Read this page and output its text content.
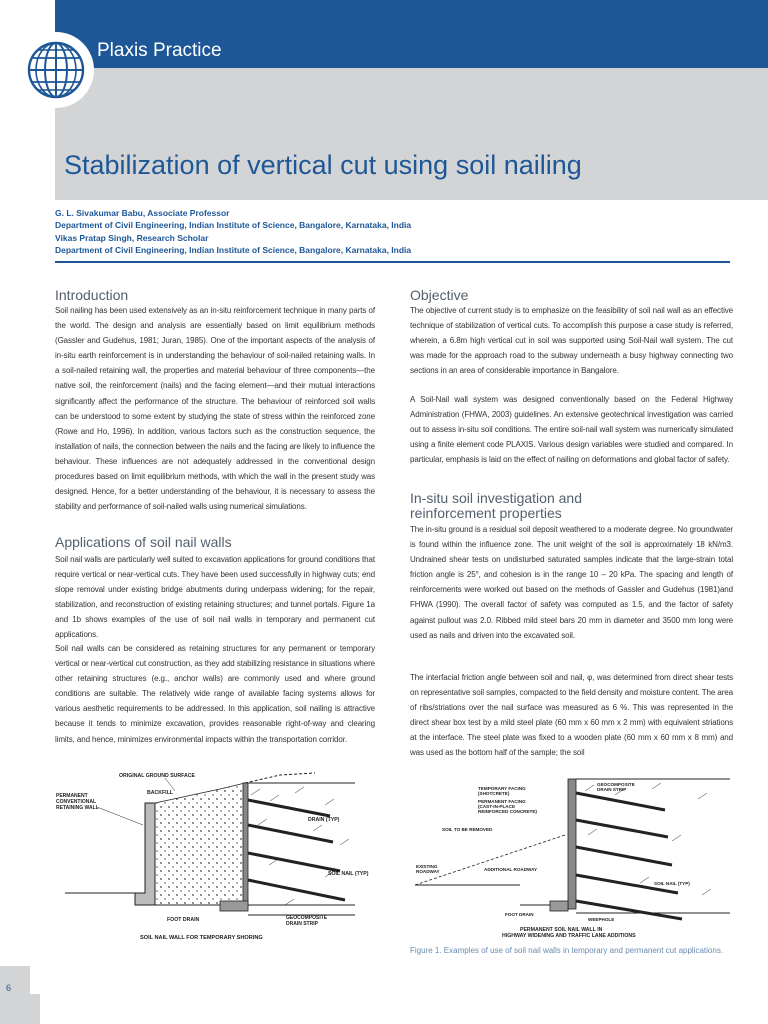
Plaxis Practice
Stabilization of vertical cut using soil nailing
G. L. Sivakumar Babu, Associate Professor
Department of Civil Engineering, Indian Institute of Science, Bangalore, Karnataka, India
Vikas Pratap Singh, Research Scholar
Department of Civil Engineering, Indian Institute of Science, Bangalore, Karnataka, India
Introduction
Soil nailing has been used extensively as an in-situ reinforcement technique in many parts of the world. The design and analysis are essentially based on limit equilibrium methods (Gassler and Gudehus, 1981; Juran, 1985). One of the important aspects of the analysis of in-situ earth reinforcement is in understanding the behaviour of soil-nailed retaining walls. In a soil-nailed retaining wall, the properties and material behaviour of three components—the native soil, the reinforcement (nails) and the facing element—and their mutual interactions significantly affect the performance of the structure. The behaviour of reinforced soil walls can be understood to some extent by studying the state of stress within the reinforced zone (Rowe and Ho, 1996). In addition, various factors such as the construction sequence, the installation of nails, the connection between the nails and the facing are likely to influence the behaviour. These influences are not adequately addressed in the conventional design procedures based on limit equilibrium methods, with which the wall in the present study was designed. Hence, for a better understanding of the behaviour, it is necessary to assess the stability and performance of soil-nailed walls using numerical simulations.
Applications of soil nail walls
Soil nail walls are particularly well suited to excavation applications for ground conditions that require vertical or near-vertical cuts. They have been used successfully in highway cuts; end slope removal under existing bridge abutments during underpass widening; for the repair, stabilization, and reconstruction of existing retaining structures; and tunnel portals. Figure 1a and 1b shows examples of the use of soil nail walls in temporary and permanent cut applications.
Soil nail walls can be considered as retaining structures for any permanent or temporary vertical or near-vertical cut construction, as they add stabilizing resistance in situations where other retaining structures (e.g., anchor walls) are commonly used and where ground conditions are suitable. The relatively wide range of available facing systems allows for various aesthetic requirements to be addressed. In this application, soil nailing is attractive because it tends to minimize excavation, provides reasonable right-of-way and clearing limits, and hence, minimizes environmental impacts within the transportation corridor.
Objective
The objective of current study is to emphasize on the feasibility of soil nail wall as an effective technique of stabilization of vertical cuts. To accomplish this purpose a case study is referred, wherein, a 6.8m high vertical cut in soil was supported using Soil-Nail wall system. The cut was made for the approach road to the subway underneath a busy highway connecting two sections in an area of considerable importance in Bangalore.
A Soil-Nail wall system was designed conventionally based on the Federal Highway Administration (FHWA, 2003) guidelines. An extensive geotechnical investigation was carried out to assess in-situ soil conditions. The entire soil-nail wall system was numerically simulated using a finite element code PLAXIS. Various design variables were studied and compared. In particular, emphasis is laid on the effect of nailing on deformations and global factor of safety.
In-situ soil investigation and
reinforcement properties
The in-situ ground is a residual soil deposit weathered to a moderate degree. No groundwater is found within the influence zone. The unit weight of the soil is approximately 18 kN/m3. Undrained shear tests on undisturbed saturated samples indicate that the large-strain total friction angle is 25°, and cohesion is in the range 10 – 20 kPa. The spacing and length of reinforcements were worked out based on the methods of Gassler and Gudehus (1981)and FHWA (1990). The overall factor of safety was computed as 1.5, and the factor of safety against pullout was 2.0. Ribbed mild steel bars 20 mm in diameter and 3500 mm long were used as nails and driven into the excavated soil.
The interfacial friction angle between soil and nail, φ, was determined from direct shear tests on representative soil samples, compacted to the field density and moisture content. The area of ribs/striations over the nail surface was measured as 6 %. This was represented in the direct shear box test by a mild steel plate (60 mm x 60 mm x 2 mm) with equivalent striations at the interface. The steel plate was fixed to a wooden plate (60 mm x 60 mm x 8 mm) and was used as the bottom half of the sample; the soil
ORIGINAL GROUND SURFACE
BACKFILL
PERMANENT
CONVENTIONAL
RETAINING WALL
DRAIN (TYP)
SOIL NAIL (TYP)
FOOT DRAIN	GEOCOMPOSITE
DRAIN STRIP
SOIL NAIL WALL FOR TEMPORARY SHORING
TEMPORARY FACING
(SHOTCRETE)
PERMANENT FACING
(CAST-IN-PLACE
REINFORCED CONCRETE)
GEOCOMPOSITE
DRAIN STRIP
SOIL TO BE REMOVED
EXISTING
ROADWAY	ADDITIONAL ROADWAY
SOIL NAIL (TYP)
FOOT DRAIN
WEEPHOLE
PERMANENT SOIL NAIL WALL IN
HIGHWAY WIDENING AND TRAFFIC LANE ADDITIONS
Figure 1. Examples of use of soil nail walls in temporary and permanent cut applications.
6
